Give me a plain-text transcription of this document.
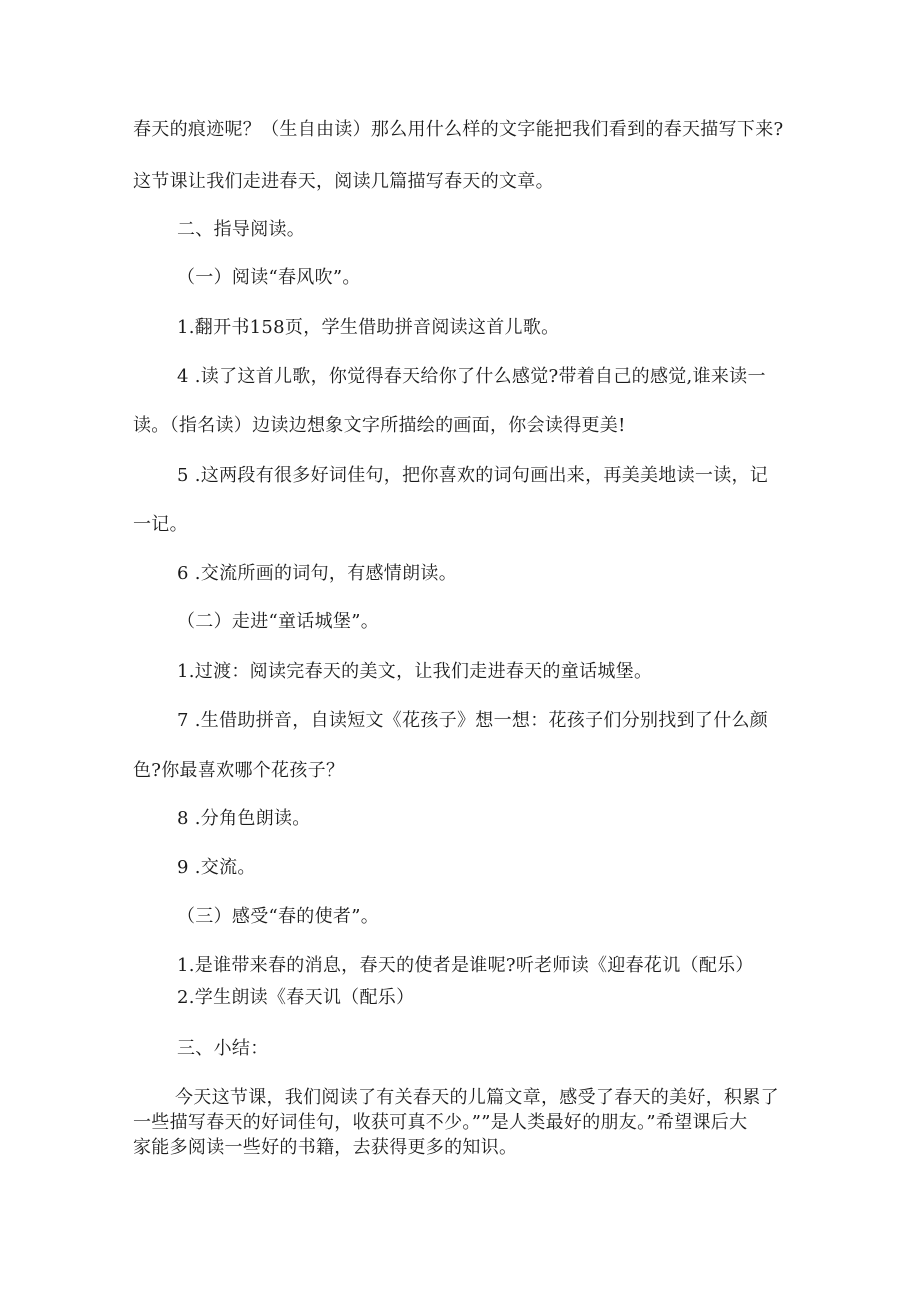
春天的痕迹呢？（生自由读）那么用什么样的文字能把我们看到的春天描写下来?
这节课让我们走进春天，阅读几篇描写春天的文章。
二、指导阅读。
（一）阅读“春风吹”。
1.翻开书158页，学生借助拼音阅读这首儿歌。
4 .读了这首儿歌，你觉得春天给你了什么感觉?带着自己的感觉,谁来读一
读。（指名读）边读边想象文字所描绘的画面，你会读得更美!
5 .这两段有很多好词佳句，把你喜欢的词句画出来，再美美地读一读，记
一记。
6 .交流所画的词句，有感情朗读。
（二）走进“童话城堡”。
1.过渡：阅读完春天的美文，让我们走进春天的童话城堡。
7 .生借助拼音，自读短文《花孩子》想一想：花孩子们分别找到了什么颜
色?你最喜欢哪个花孩子？
8 .分角色朗读。
9 .交流。
（三）感受“春的使者”。
1.是谁带来春的消息，春天的使者是谁呢?听老师读《迎春花讥（配乐）
2.学生朗读《春天讥（配乐）
三、小结：
今天这节课，我们阅读了有关春天的儿篇文章，感受了春天的美好，积累了
一些描写春天的好词佳句，收获可真不少。””是人类最好的朋友。”希望课后大
家能多阅读一些好的书籍，去获得更多的知识。
